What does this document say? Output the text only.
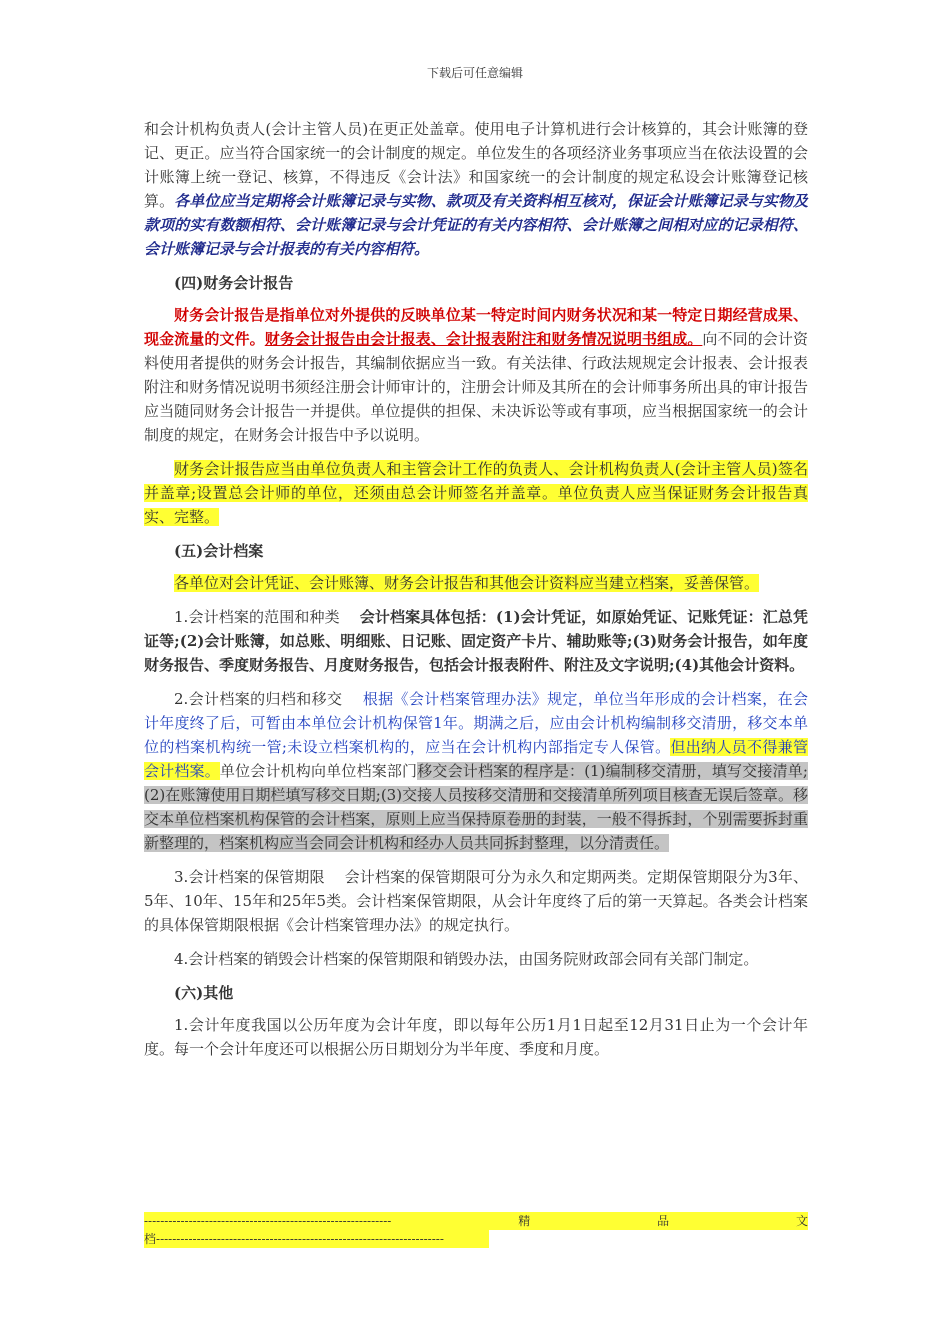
下载后可任意编辑

和会计机构负责人(会计主管人员)在更正处盖章。使用电子计算机进行会计核算的，其会计账簿的登记、更正。应当符合国家统一的会计制度的规定。单位发生的各项经济业务事项应当在依法设置的会计账簿上统一登记、核算，不得违反《会计法》和国家统一的会计制度的规定私设会计账簿登记核算。各单位应当定期将会计账簿记录与实物、款项及有关资料相互核对，保证会计账簿记录与实物及款项的实有数额相符、会计账簿记录与会计凭证的有关内容相符、会计账簿之间相对应的记录相符、会计账簿记录与会计报表的有关内容相符。

(四)财务会计报告

财务会计报告是指单位对外提供的反映单位某一特定时间内财务状况和某一特定日期经营成果、现金流量的文件。财务会计报告由会计报表、会计报表附注和财务情况说明书组成。向不同的会计资料使用者提供的财务会计报告，其编制依据应当一致。有关法律、行政法规规定会计报表、会计报表附注和财务情况说明书须经注册会计师审计的，注册会计师及其所在的会计师事务所出具的审计报告应当随同财务会计报告一并提供。单位提供的担保、未决诉讼等或有事项，应当根据国家统一的会计制度的规定，在财务会计报告中予以说明。

财务会计报告应当由单位负责人和主管会计工作的负责人、会计机构负责人(会计主管人员)签名并盖章;设置总会计师的单位，还须由总会计师签名并盖章。单位负责人应当保证财务会计报告真实、完整。

(五)会计档案

各单位对会计凭证、会计账簿、财务会计报告和其他会计资料应当建立档案，妥善保管。

1.会计档案的范围和种类　 会计档案具体包括：(1)会计凭证，如原始凭证、记账凭证：汇总凭证等;(2)会计账簿，如总账、明细账、日记账、固定资产卡片、辅助账等;(3)财务会计报告，如年度财务报告、季度财务报告、月度财务报告，包括会计报表附件、附注及文字说明;(4)其他会计资料。

2.会计档案的归档和移交　 根据《会计档案管理办法》规定，单位当年形成的会计档案，在会计年度终了后，可暂由本单位会计机构保管1年。期满之后，应由会计机构编制移交清册，移交本单位的档案机构统一管;未设立档案机构的，应当在会计机构内部指定专人保管。但出纳人员不得兼管会计档案。单位会计机构向单位档案部门移交会计档案的程序是：(1)编制移交清册，填写交接清单;(2)在账簿使用日期栏填写移交日期;(3)交接人员按移交清册和交接清单所列项目核查无误后签章。移交本单位档案机构保管的会计档案，原则上应当保持原卷册的封装，一般不得拆封，个别需要拆封重新整理的，档案机构应当会同会计机构和经办人员共同拆封整理，以分清责任。

3.会计档案的保管期限　 会计档案的保管期限可分为永久和定期两类。定期保管期限分为3年、5年、10年、15年和25年5类。会计档案保管期限，从会计年度终了后的第一天算起。各类会计档案的具体保管期限根据《会计档案管理办法》的规定执行。

4.会计档案的销毁会计档案的保管期限和销毁办法，由国务院财政部会同有关部门制定。

(六)其他

1.会计年度我国以公历年度为会计年度，即以每年公历1月1日起至12月31日止为一个会计年度。每一个会计年度还可以根据公历日期划分为半年度、季度和月度。

-------------------------------------------------------------	精	品	文
档-----------------------------------------------------------------------
